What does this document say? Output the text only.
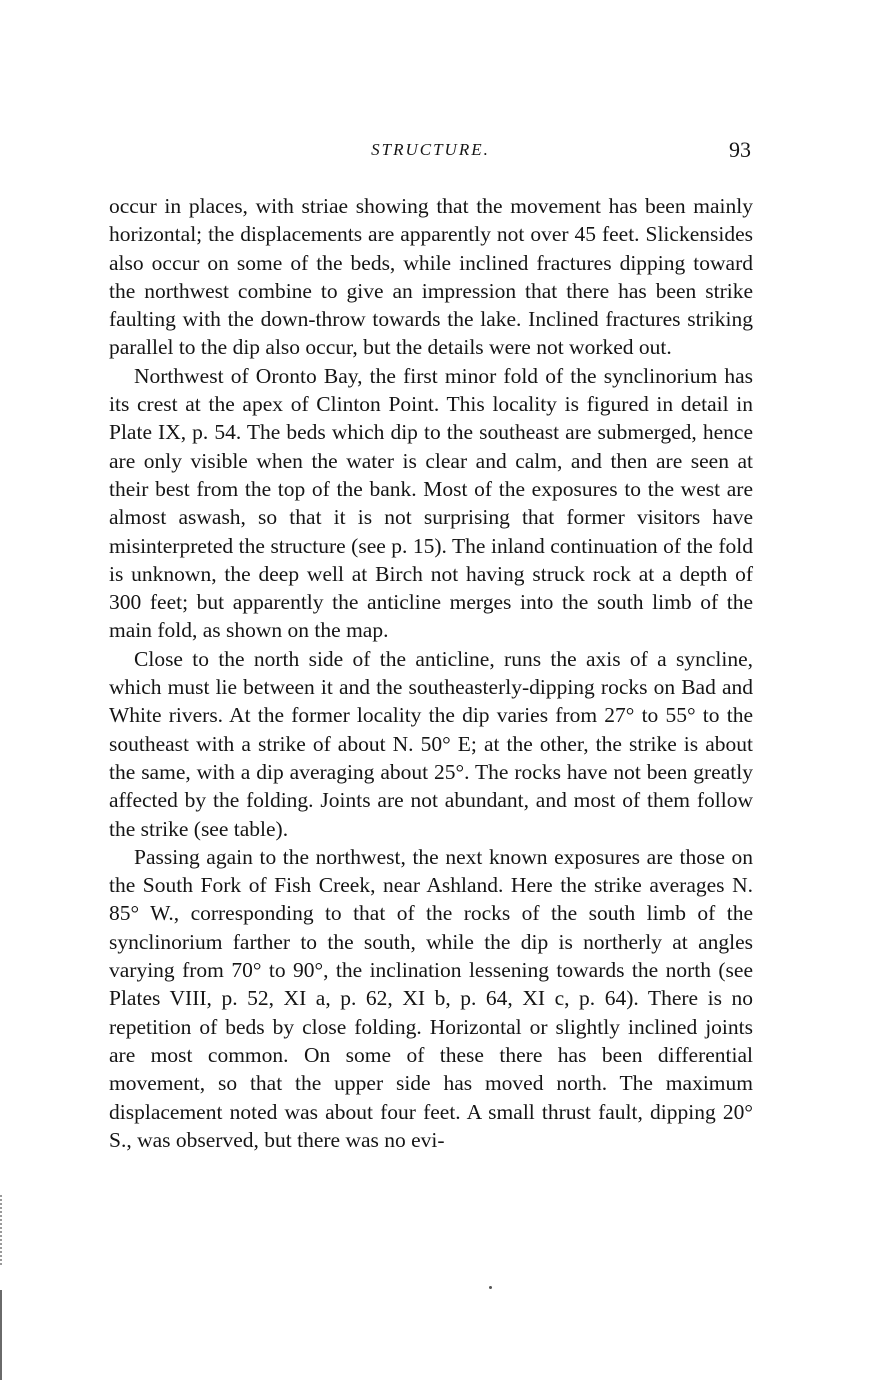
STRUCTURE.	93

occur in places, with striae showing that the movement has been mainly horizontal; the displacements are apparently not over 45 feet. Slickensides also occur on some of the beds, while inclined fractures dipping toward the northwest combine to give an impression that there has been strike faulting with the down-throw towards the lake. Inclined fractures striking parallel to the dip also occur, but the details were not worked out.

Northwest of Oronto Bay, the first minor fold of the synclinorium has its crest at the apex of Clinton Point. This locality is figured in detail in Plate IX, p. 54. The beds which dip to the southeast are submerged, hence are only visible when the water is clear and calm, and then are seen at their best from the top of the bank. Most of the exposures to the west are almost aswash, so that it is not surprising that former visitors have misinterpreted the structure (see p. 15). The inland continuation of the fold is unknown, the deep well at Birch not having struck rock at a depth of 300 feet; but apparently the anticline merges into the south limb of the main fold, as shown on the map.

Close to the north side of the anticline, runs the axis of a syncline, which must lie between it and the southeasterly-dipping rocks on Bad and White rivers. At the former locality the dip varies from 27° to 55° to the southeast with a strike of about N. 50° E; at the other, the strike is about the same, with a dip averaging about 25°. The rocks have not been greatly affected by the folding. Joints are not abundant, and most of them follow the strike (see table).

Passing again to the northwest, the next known exposures are those on the South Fork of Fish Creek, near Ashland. Here the strike averages N. 85° W., corresponding to that of the rocks of the south limb of the synclinorium farther to the south, while the dip is northerly at angles varying from 70° to 90°, the inclination lessening towards the north (see Plates VIII, p. 52, XI a, p. 62, XI b, p. 64, XI c, p. 64). There is no repetition of beds by close folding. Horizontal or slightly inclined joints are most common. On some of these there has been differential movement, so that the upper side has moved north. The maximum displacement noted was about four feet. A small thrust fault, dipping 20° S., was observed, but there was no evi-
